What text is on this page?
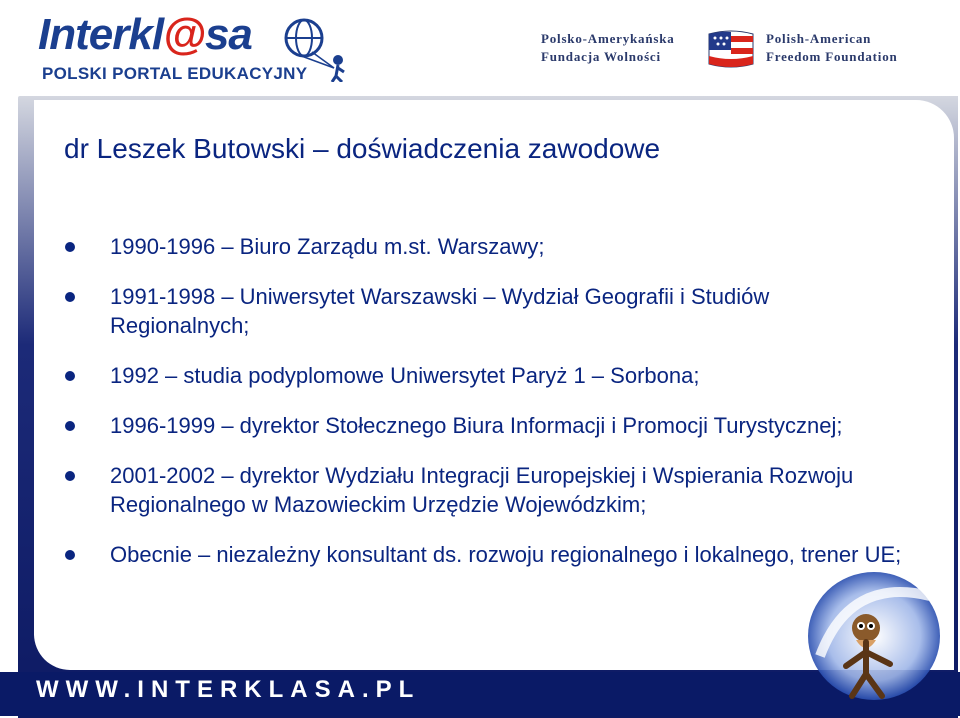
Interkl@sa
POLSKI PORTAL EDUKACYJNY
Polsko-Amerykańska
Fundacja Wolności
Polish-American
Freedom Foundation
dr Leszek Butowski – doświadczenia zawodowe
1990-1996 – Biuro Zarządu m.st. Warszawy;
1991-1998 – Uniwersytet Warszawski – Wydział Geografii i Studiów Regionalnych;
1992 – studia podyplomowe Uniwersytet Paryż 1 – Sorbona;
1996-1999 – dyrektor Stołecznego Biura Informacji i Promocji Turystycznej;
2001-2002 – dyrektor Wydziału Integracji Europejskiej i Wspierania Rozwoju Regionalnego w Mazowieckim Urzędzie Wojewódzkim;
Obecnie – niezależny konsultant ds. rozwoju regionalnego i lokalnego, trener UE;
WWW.INTERKLASA.PL
